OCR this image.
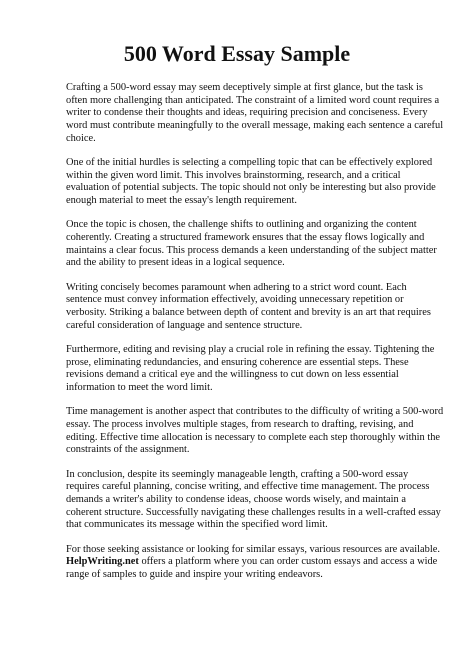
500 Word Essay Sample

Crafting a 500-word essay may seem deceptively simple at first glance, but the task is often more challenging than anticipated. The constraint of a limited word count requires a writer to condense their thoughts and ideas, requiring precision and conciseness. Every word must contribute meaningfully to the overall message, making each sentence a careful choice.

One of the initial hurdles is selecting a compelling topic that can be effectively explored within the given word limit. This involves brainstorming, research, and a critical evaluation of potential subjects. The topic should not only be interesting but also provide enough material to meet the essay's length requirement.

Once the topic is chosen, the challenge shifts to outlining and organizing the content coherently. Creating a structured framework ensures that the essay flows logically and maintains a clear focus. This process demands a keen understanding of the subject matter and the ability to present ideas in a logical sequence.

Writing concisely becomes paramount when adhering to a strict word count. Each sentence must convey information effectively, avoiding unnecessary repetition or verbosity. Striking a balance between depth of content and brevity is an art that requires careful consideration of language and sentence structure.

Furthermore, editing and revising play a crucial role in refining the essay. Tightening the prose, eliminating redundancies, and ensuring coherence are essential steps. These revisions demand a critical eye and the willingness to cut down on less essential information to meet the word limit.

Time management is another aspect that contributes to the difficulty of writing a 500-word essay. The process involves multiple stages, from research to drafting, revising, and editing. Effective time allocation is necessary to complete each step thoroughly within the constraints of the assignment.

In conclusion, despite its seemingly manageable length, crafting a 500-word essay requires careful planning, concise writing, and effective time management. The process demands a writer's ability to condense ideas, choose words wisely, and maintain a coherent structure. Successfully navigating these challenges results in a well-crafted essay that communicates its message within the specified word limit.

For those seeking assistance or looking for similar essays, various resources are available.
HelpWriting.net offers a platform where you can order custom essays and access a wide range of samples to guide and inspire your writing endeavors.
